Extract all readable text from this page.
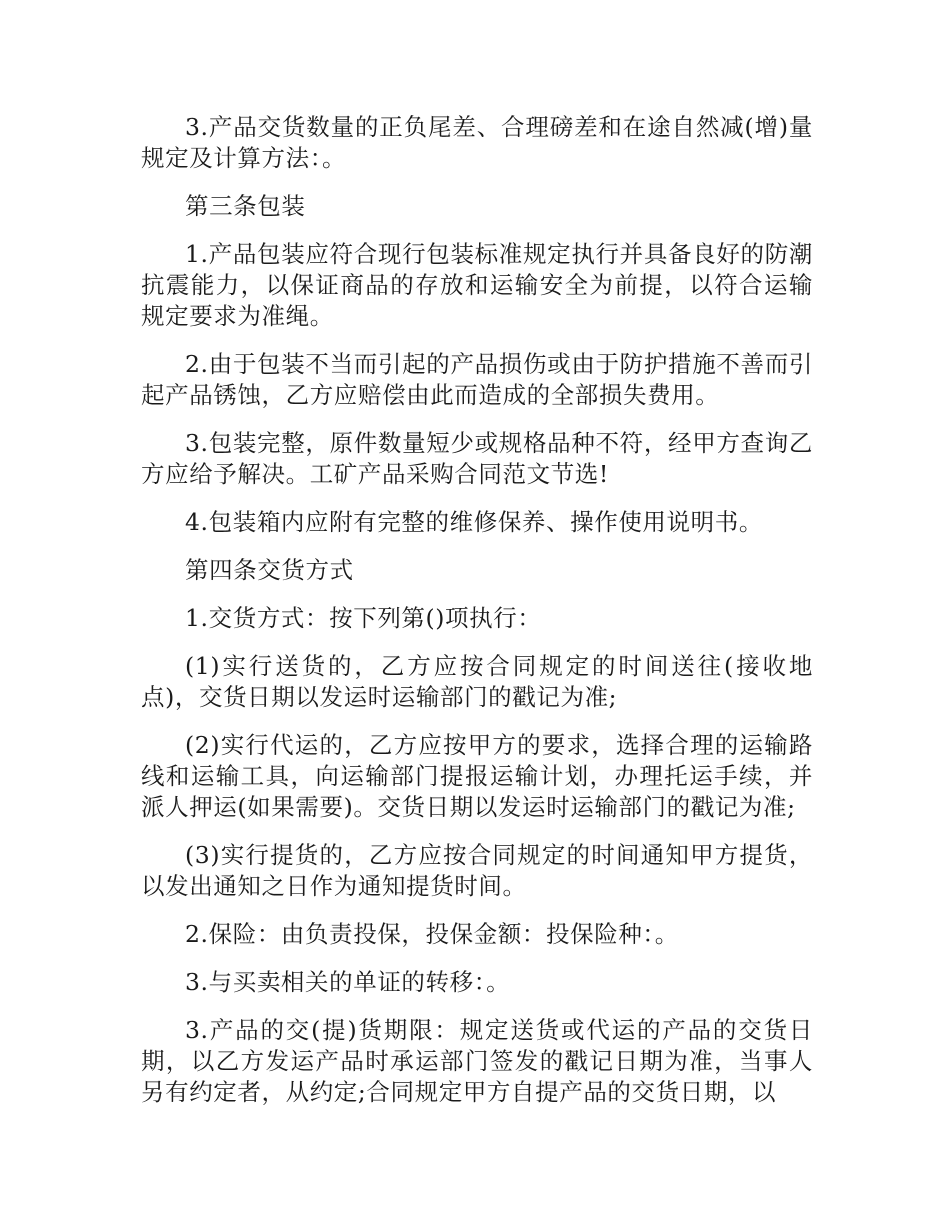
3.产品交货数量的正负尾差、合理磅差和在途自然减(增)量规定及计算方法：。

第三条包装

1.产品包装应符合现行包装标准规定执行并具备良好的防潮抗震能力，以保证商品的存放和运输安全为前提，以符合运输规定要求为准绳。

2.由于包装不当而引起的产品损伤或由于防护措施不善而引起产品锈蚀，乙方应赔偿由此而造成的全部损失费用。

3.包装完整，原件数量短少或规格品种不符，经甲方查询乙方应给予解决。工矿产品采购合同范文节选!

4.包装箱内应附有完整的维修保养、操作使用说明书。

第四条交货方式

1.交货方式：按下列第()项执行：

(1)实行送货的，乙方应按合同规定的时间送往(接收地点)，交货日期以发运时运输部门的戳记为准;

(2)实行代运的，乙方应按甲方的要求，选择合理的运输路线和运输工具，向运输部门提报运输计划，办理托运手续，并派人押运(如果需要)。交货日期以发运时运输部门的戳记为准;

(3)实行提货的，乙方应按合同规定的时间通知甲方提货，以发出通知之日作为通知提货时间。

2.保险：由负责投保，投保金额：投保险种：。

3.与买卖相关的单证的转移：。

3.产品的交(提)货期限：规定送货或代运的产品的交货日期，以乙方发运产品时承运部门签发的戳记日期为准，当事人另有约定者，从约定;合同规定甲方自提产品的交货日期，以
